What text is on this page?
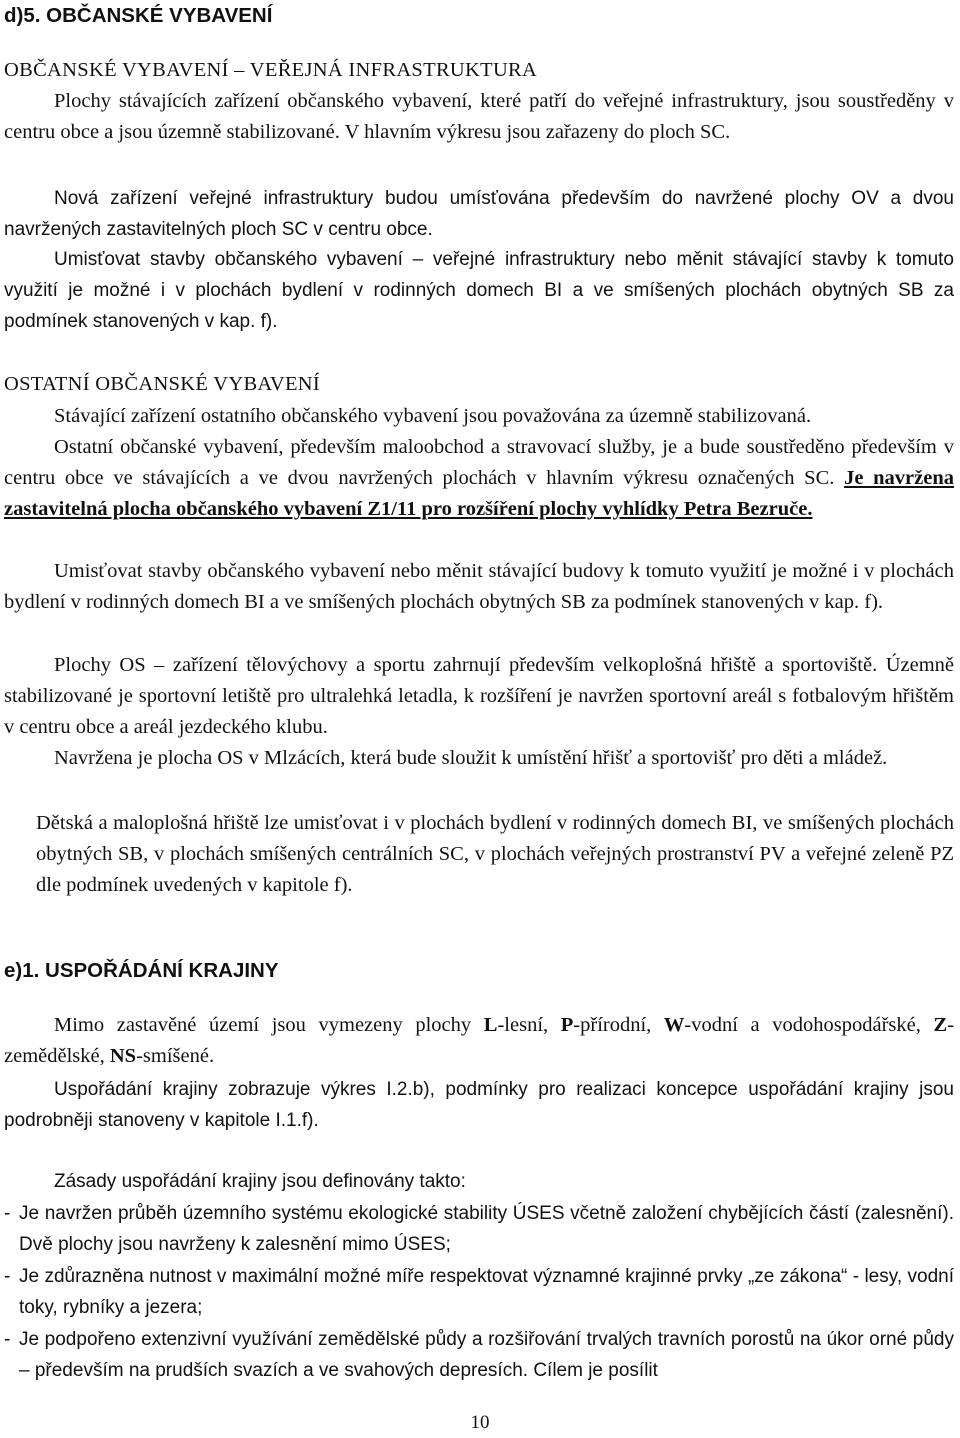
d)5. OBČANSKÉ VYBAVENÍ

OBČANSKÉ VYBAVENÍ – VEŘEJNÁ INFRASTRUKTURA

Plochy stávajících zařízení občanského vybavení, které patří do veřejné infrastruktury, jsou soustředěny v centru obce a jsou územně stabilizované. V hlavním výkresu jsou zařazeny do ploch SC.

Nová zařízení veřejné infrastruktury budou umísťována především do navržené plochy OV a dvou navržených zastavitelných ploch SC v centru obce.

Umisťovat stavby občanského vybavení – veřejné infrastruktury nebo měnit stávající stavby k tomuto využití je možné i v plochách bydlení v rodinných domech BI a ve smíšených plochách obytných SB za podmínek stanovených v kap. f).

OSTATNÍ OBČANSKÉ VYBAVENÍ

Stávající zařízení ostatního občanského vybavení jsou považována za územně stabilizovaná.

Ostatní občanské vybavení, především maloobchod a stravovací služby, je a bude soustředěno především v centru obce ve stávajících a ve dvou navržených plochách v hlavním výkresu označených SC. Je navržena zastavitelná plocha občanského vybavení Z1/11 pro rozšíření plochy vyhlídky Petra Bezruče.

Umisťovat stavby občanského vybavení nebo měnit stávající budovy k tomuto využití je možné i v plochách bydlení v rodinných domech BI a ve smíšených plochách obytných SB za podmínek stanovených v kap. f).

Plochy OS – zařízení tělovýchovy a sportu zahrnují především velkoplošná hřiště a sportoviště. Územně stabilizované je sportovní letiště pro ultralehká letadla, k rozšíření je navržen sportovní areál s fotbalovým hřištěm v centru obce a areál jezdeckého klubu.

Navržena je plocha OS v Mlzácích, která bude sloužit k umístění hřišť a sportovišť pro děti a mládež.

Dětská a maloplošná hřiště lze umisťovat i v plochách bydlení v rodinných domech BI, ve smíšených plochách obytných SB, v plochách smíšených centrálních SC, v plochách veřejných prostranství PV a veřejné zeleně PZ dle podmínek uvedených v kapitole f).

e)1. USPOŘÁDÁNÍ KRAJINY

Mimo zastavěné území jsou vymezeny plochy L-lesní, P-přírodní, W-vodní a vodohospodářské, Z-zemědělské, NS-smíšené.

Uspořádání krajiny zobrazuje výkres I.2.b), podmínky pro realizaci koncepce uspořádání krajiny jsou podrobněji stanoveny v kapitole I.1.f).

Zásady uspořádání krajiny jsou definovány takto:

- Je navržen průběh územního systému ekologické stability ÚSES včetně založení chybějících částí (zalesnění). Dvě plochy jsou navrženy k zalesnění mimo ÚSES;

- Je zdůrazněna nutnost v maximální možné míře respektovat významné krajinné prvky „ze zákona“ - lesy, vodní toky, rybníky a jezera;

- Je podpořeno extenzivní využívání zemědělské půdy a rozšiřování trvalých travních porostů na úkor orné půdy – především na prudších svazích a ve svahových depresích. Cílem je posílit

10
